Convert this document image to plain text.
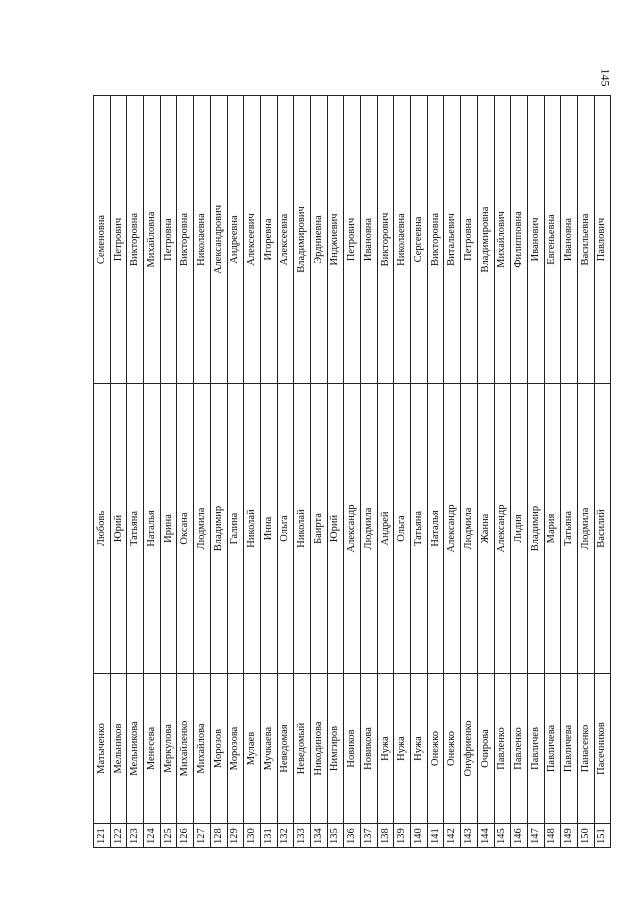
145
121	Матыченко	Любовь	Семеновна
122	Мельников	Юрий	Петрович
123	Мельникова	Татьяна	Викторовна
124	Менесева	Наталья	Михайловна
125	Меркулова	Ирина	Петровна
126	Михайленко	Оксана	Викторовна
127	Михайлова	Людмила	Николаевна
128	Морозов	Владимир	Александрович
129	Морозова	Галина	Андреевна
130	Мулаев	Николай	Алексеевич
131	Мучкаева	Инна	Игоревна
132	Неведомая	Ольга	Алексеевна
133	Неведомый	Николай	Владимирович
134	Никодинова	Баирта	Эрдниевна
135	Нимгиров	Юрий	Инджиевич
136	Новиков	Александр	Петрович
137	Новикова	Людмила	Ивановна
138	Нужа	Андрей	Викторович
139	Нужа	Ольга	Николаевна
140	Нужа	Татьяна	Сергеевна
141	Онежко	Наталья	Викторовна
142	Онежко	Александр	Витальевич
143	Онуфриенко	Людмила	Петровна
144	Очирова	Жанна	Владимировна
145	Павленко	Александр	Михайлович
146	Павленко	Лидия	Филипповна
147	Павличев	Владимир	Иванович
148	Павличева	Мария	Евгеньевна
149	Павличева	Татьяна	Ивановна
150	Панасенко	Людмила	Васильевна
151	Пасечников	Василий	Павлович
